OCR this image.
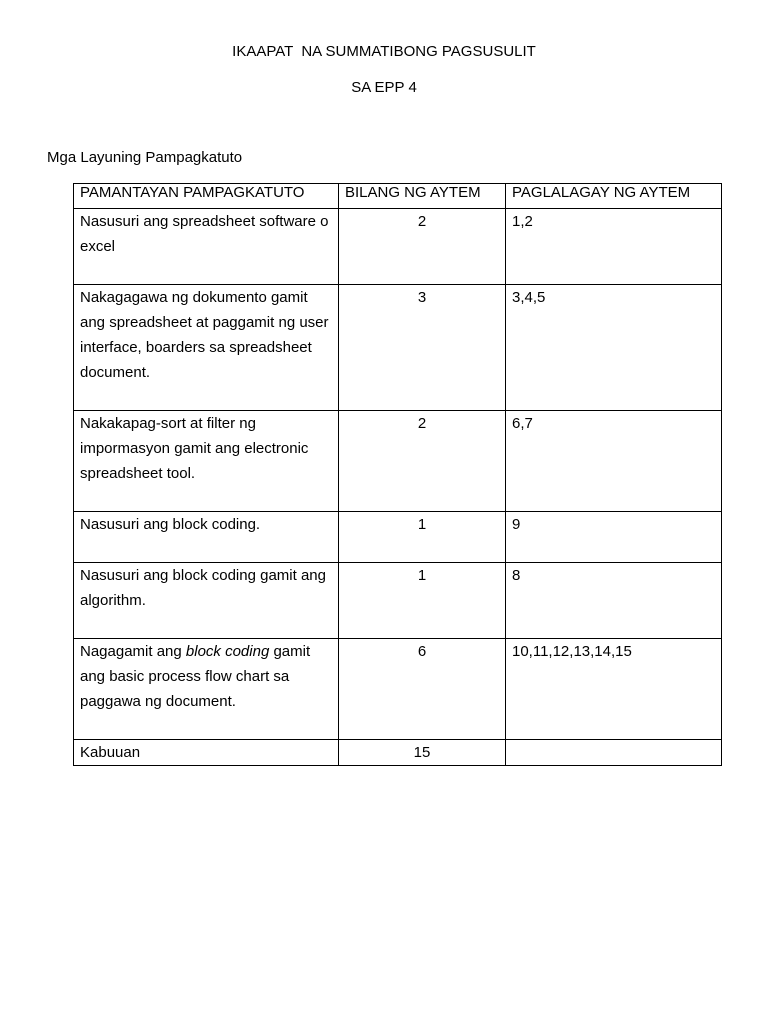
IKAAPAT  NA SUMMATIBONG PAGSUSULIT
SA EPP 4
Mga Layuning Pampagkatuto
PAMANTAYAN PAMPAGKATUTO	BILANG NG AYTEM	PAGLALAGAY NG AYTEM
Nasusuri ang spreadsheet software o excel	2	1,2
Nakagagawa ng dokumento gamit ang spreadsheet at paggamit ng user interface, boarders sa spreadsheet document.	3	3,4,5
Nakakapag-sort at filter ng impormasyon gamit ang electronic spreadsheet tool.	2	6,7
Nasusuri ang block coding.	1	9
Nasusuri ang block coding gamit ang algorithm.	1	8
Nagagamit ang block coding gamit ang basic process flow chart sa paggawa ng document.	6	10,11,12,13,14,15
Kabuuan	15	
